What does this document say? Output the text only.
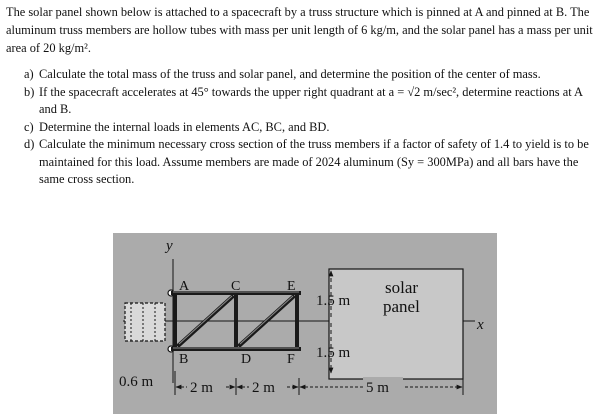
The solar panel shown below is attached to a spacecraft by a truss structure which is pinned at A and pinned at B. The aluminum truss members are hollow tubes with mass per unit length of 6 kg/m, and the solar panel has a mass per unit area of 20 kg/m².

a) Calculate the total mass of the truss and solar panel, and determine the position of the center of mass.
b) If the spacecraft accelerates at 45° towards the upper right quadrant at a = √2 m/sec², determine reactions at A and B.
c) Determine the internal loads in elements AC, BC, and BD.
d) Calculate the minimum necessary cross section of the truss members if a factor of safety of 1.4 to yield is to be maintained for this load. Assume members are made of 2024 aluminum (Sy = 300MPa) and all bars have the same cross section.
y
x
A
B
C
D
E
F
solar
panel
1.5 m
1.5 m
0.6 m 2 m	2 m	5 m
